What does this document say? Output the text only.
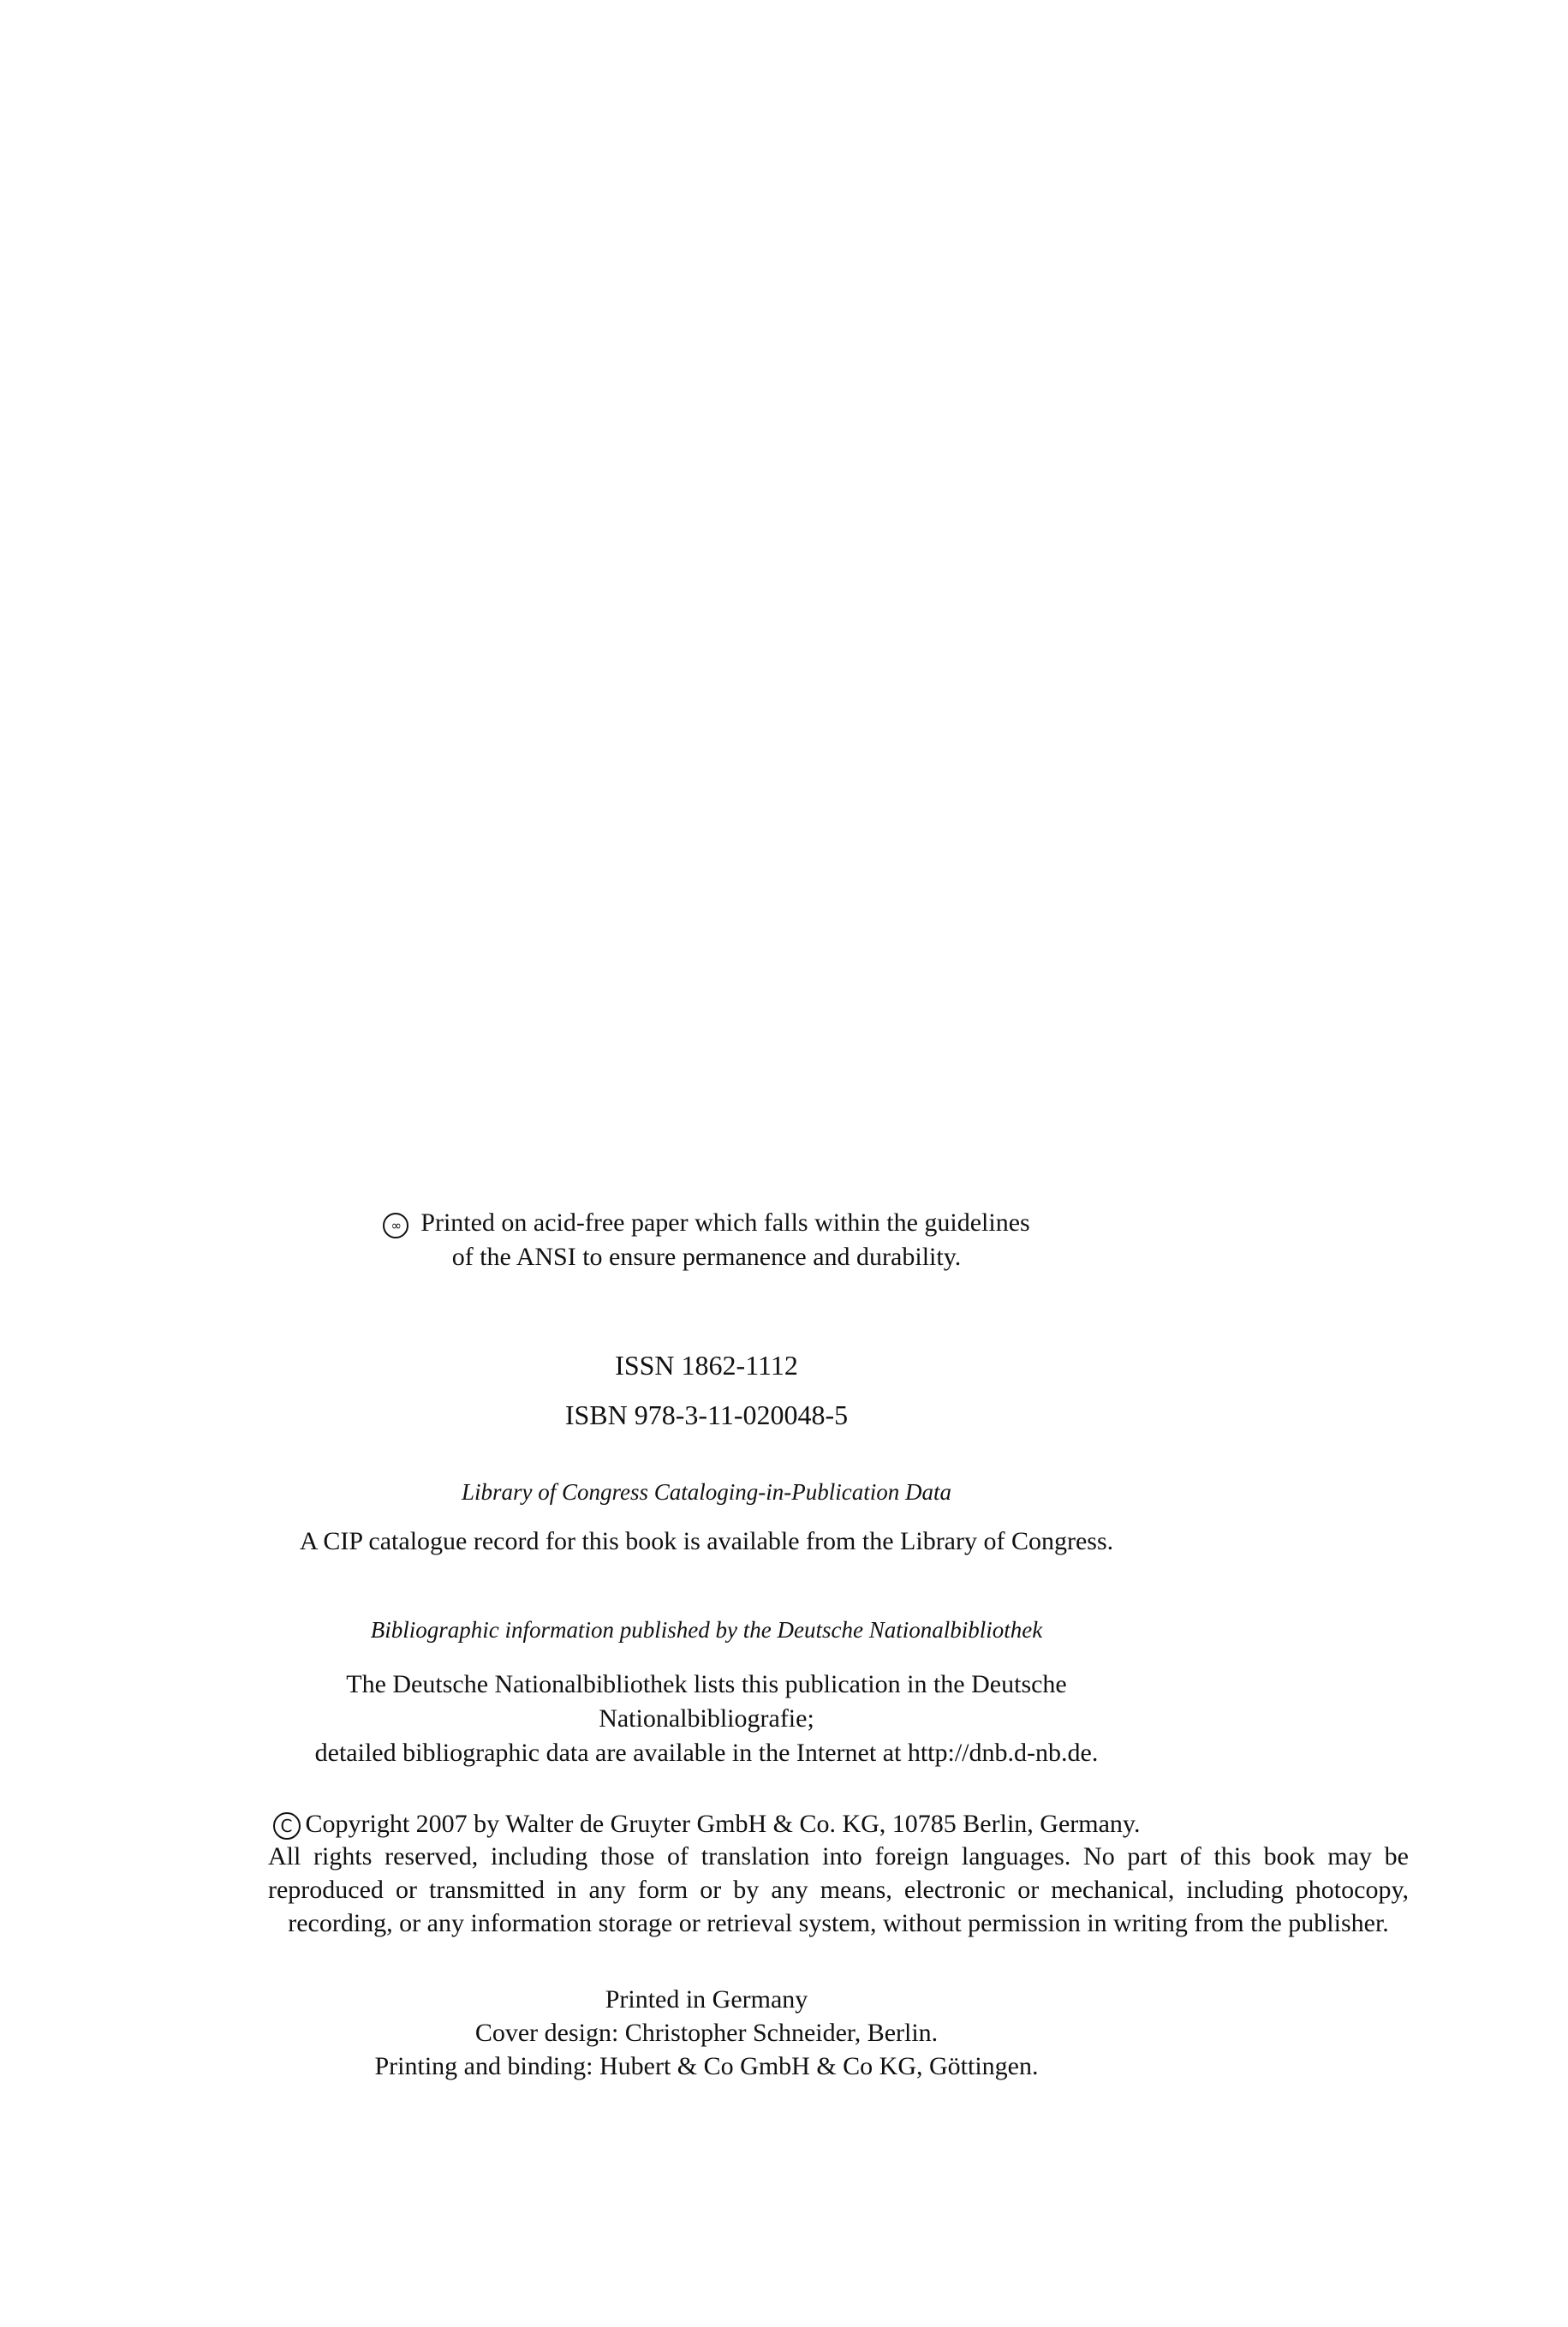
∞ Printed on acid-free paper which falls within the guidelines
of the ANSI to ensure permanence and durability.
ISSN 1862-1112
ISBN 978-3-11-020048-5
Library of Congress Cataloging-in-Publication Data
A CIP catalogue record for this book is available from the Library of Congress.
Bibliographic information published by the Deutsche Nationalbibliothek
The Deutsche Nationalbibliothek lists this publication in the Deutsche Nationalbibliografie;
detailed bibliographic data are available in the Internet at http://dnb.d-nb.de.
C Copyright 2007 by Walter de Gruyter GmbH & Co. KG, 10785 Berlin, Germany.
All rights reserved, including those of translation into foreign languages. No part of this book may be reproduced or transmitted in any form or by any means, electronic or mechanical, including photocopy, recording, or any information storage or retrieval system, without permission in writing from the publisher.
Printed in Germany
Cover design: Christopher Schneider, Berlin.
Printing and binding: Hubert & Co GmbH & Co KG, Göttingen.
